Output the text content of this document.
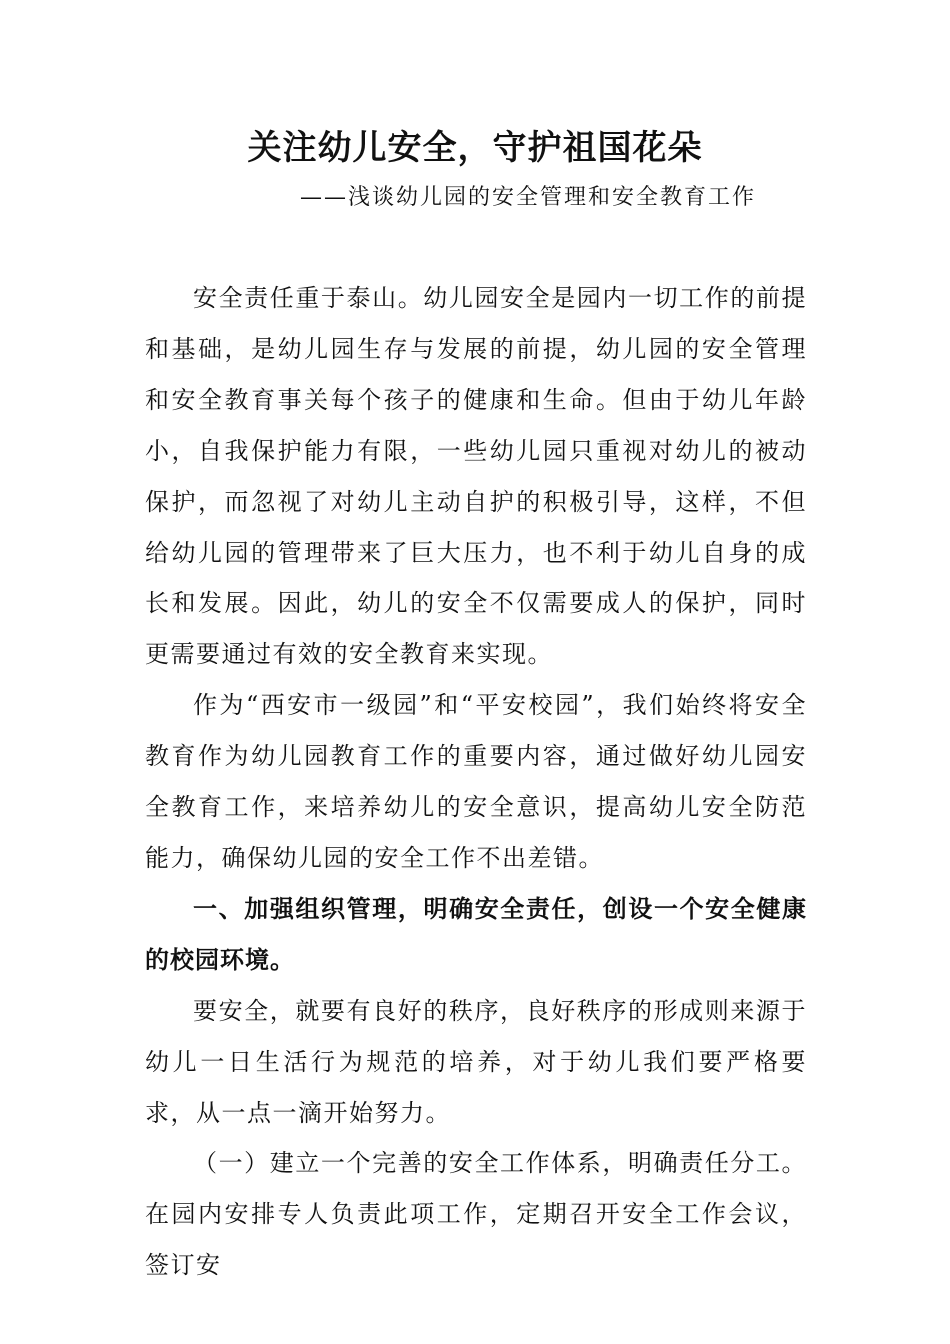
关注幼儿安全，守护祖国花朵
——浅谈幼儿园的安全管理和安全教育工作

安全责任重于泰山。幼儿园安全是园内一切工作的前提和基础，是幼儿园生存与发展的前提，幼儿园的安全管理和安全教育事关每个孩子的健康和生命。但由于幼儿年龄小，自我保护能力有限，一些幼儿园只重视对幼儿的被动保护，而忽视了对幼儿主动自护的积极引导，这样，不但给幼儿园的管理带来了巨大压力，也不利于幼儿自身的成长和发展。因此，幼儿的安全不仅需要成人的保护，同时更需要通过有效的安全教育来实现。

作为“西安市一级园”和“平安校园”，我们始终将安全教育作为幼儿园教育工作的重要内容，通过做好幼儿园安全教育工作，来培养幼儿的安全意识，提高幼儿安全防范能力，确保幼儿园的安全工作不出差错。

一、加强组织管理，明确安全责任，创设一个安全健康的校园环境。

要安全，就要有良好的秩序，良好秩序的形成则来源于幼儿一日生活行为规范的培养，对于幼儿我们要严格要求，从一点一滴开始努力。

（一）建立一个完善的安全工作体系，明确责任分工。在园内安排专人负责此项工作，定期召开安全工作会议，签订安
